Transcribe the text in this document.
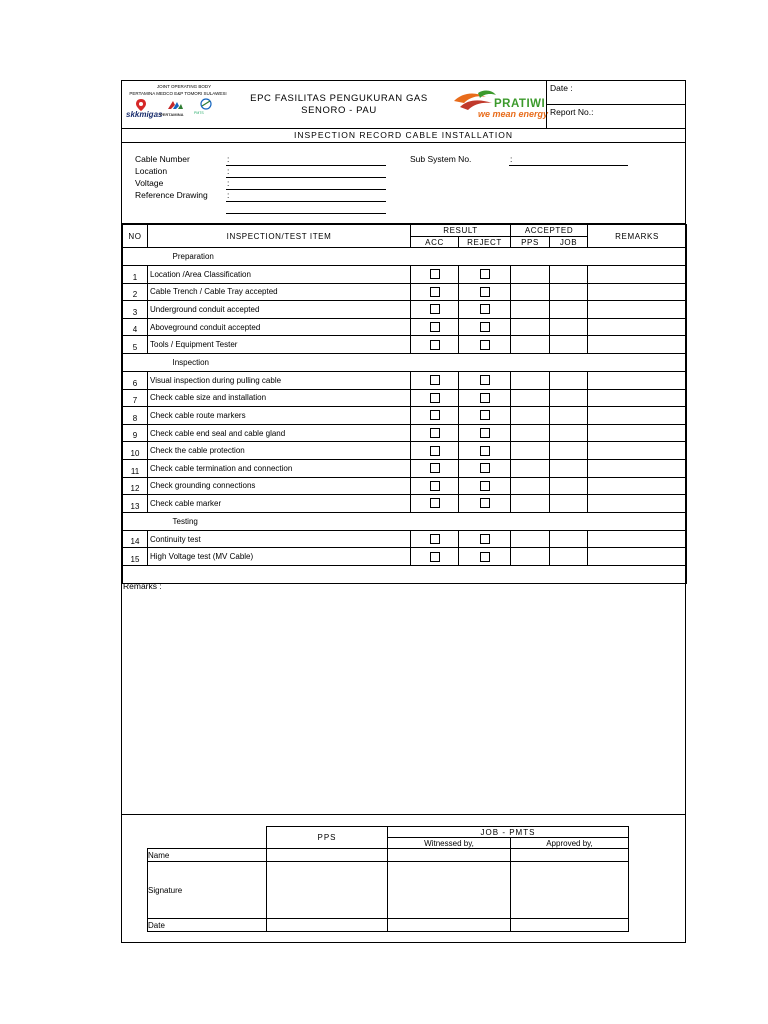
JOINT OPERATING BODY
PERTAMINA MEDCO E&P TOMORI SULAWESI
skkmigas
PERTAMINA	PMTS
EPC FASILITAS PENGUKURAN GAS
SENORO - PAU
PRATIWI
we mean energy
Date :
Report No.:
INSPECTION RECORD CABLE INSTALLATION
Cable Number	:
Location	:
Voltage	:
Reference Drawing :
Sub System No.	:
NO	INSPECTION/TEST ITEM	RESULT		ACCEPTED		REMARKS
		ACC	REJECT	PPS	JOB	
	Preparation					
1	Location /Area Classification					
2	Cable Trench / Cable Tray accepted					
3	Underground conduit accepted					
4	Aboveground conduit accepted					
5	Tools / Equipment Tester					
	Inspection					
6	Visual inspection during pulling cable					
7	Check cable size and installation					
8	Check cable route markers					
9	Check cable end seal and cable gland					
10	Check the cable protection					
11	Check cable termination and connection					
12	Check grounding connections					
13	Check cable marker					
	Testing					
14	Continuity test					
15	High Voltage test (MV Cable)					

Remarks :
	PPS	JOB - PMTS	
		Witnessed by,	Approved by,
Name			
Signature			
Date			
